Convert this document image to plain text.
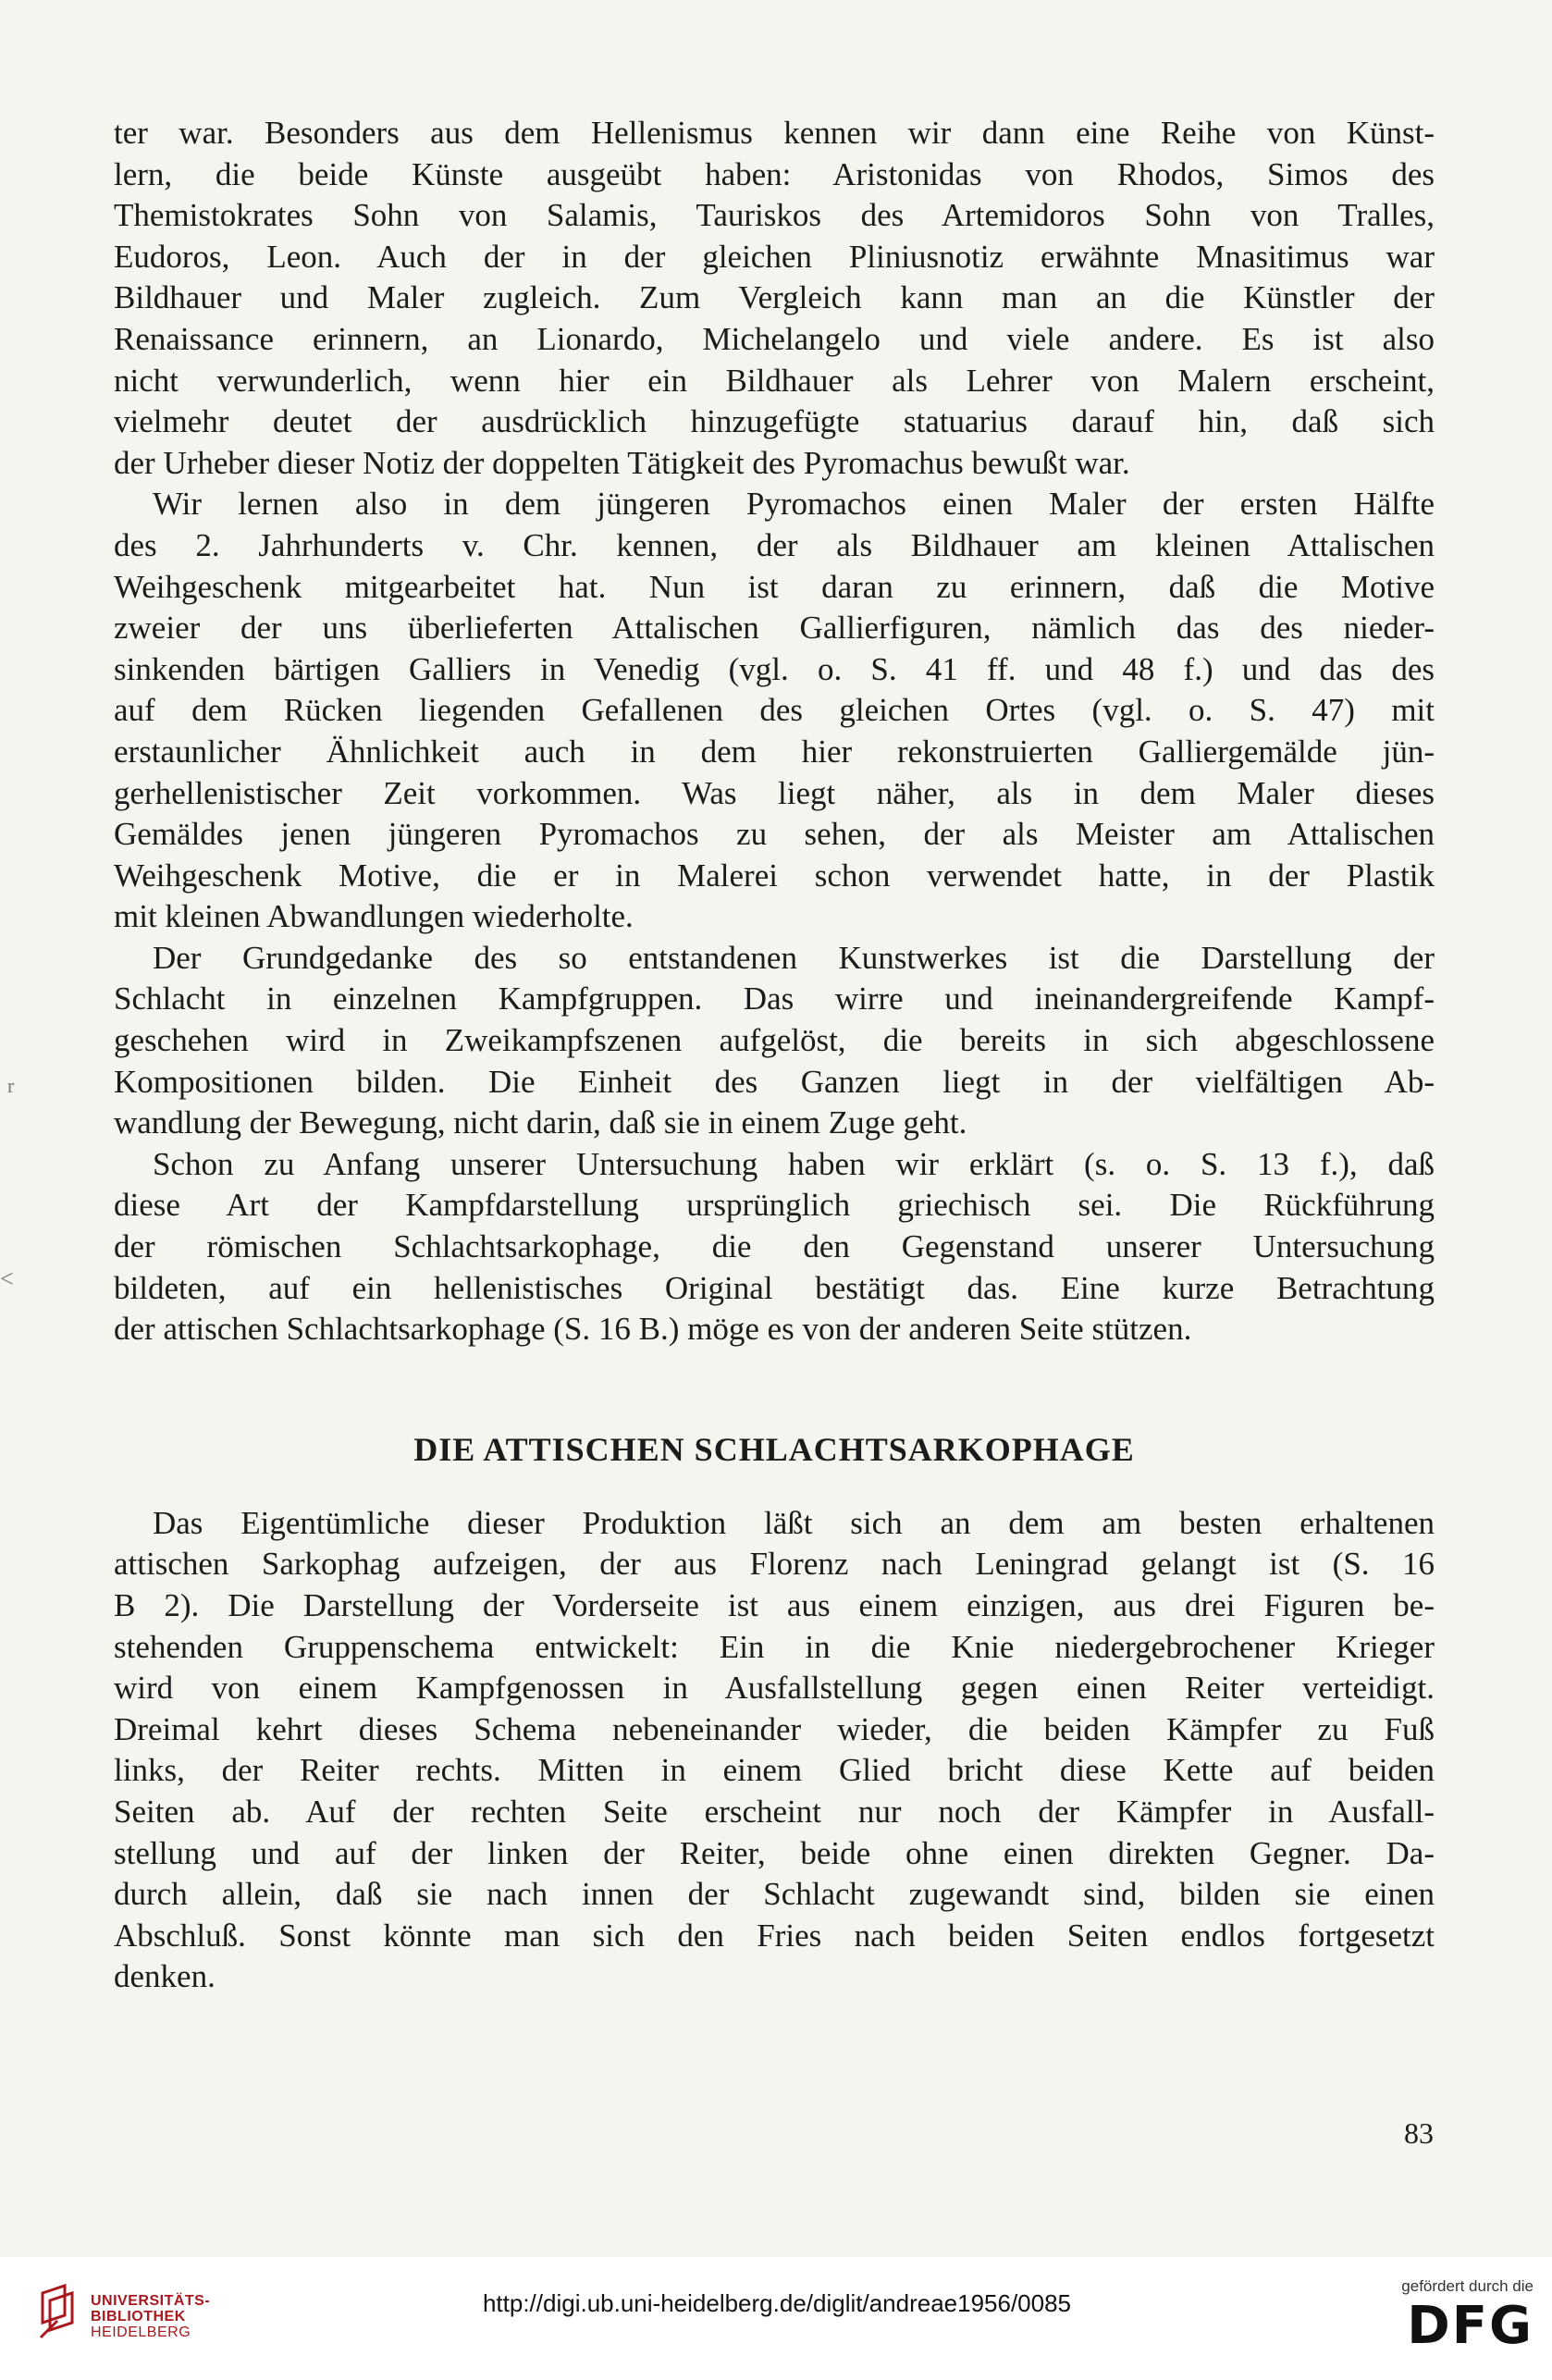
r
<

ter war. Besonders aus dem Hellenismus kennen wir dann eine Reihe von Künst-

lern, die beide Künste ausgeübt haben: Aristonidas von Rhodos, Simos des

Themistokrates Sohn von Salamis, Tauriskos des Artemidoros Sohn von Tralles,

Eudoros, Leon. Auch der in der gleichen Pliniusnotiz erwähnte Mnasitimus war

Bildhauer und Maler zugleich. Zum Vergleich kann man an die Künstler der

Renaissance erinnern, an Lionardo, Michelangelo und viele andere. Es ist also

nicht verwunderlich, wenn hier ein Bildhauer als Lehrer von Malern erscheint,

vielmehr deutet der ausdrücklich hinzugefügte statuarius darauf hin, daß sich

der Urheber dieser Notiz der doppelten Tätigkeit des Pyromachus bewußt war.

Wir lernen also in dem jüngeren Pyromachos einen Maler der ersten Hälfte

des 2. Jahrhunderts v. Chr. kennen, der als Bildhauer am kleinen Attalischen

Weihgeschenk mitgearbeitet hat. Nun ist daran zu erinnern, daß die Motive

zweier der uns überlieferten Attalischen Gallierfiguren, nämlich das des nieder-

sinkenden bärtigen Galliers in Venedig (vgl. o. S. 41 ff. und 48 f.) und das des

auf dem Rücken liegenden Gefallenen des gleichen Ortes (vgl. o. S. 47) mit

erstaunlicher Ähnlichkeit auch in dem hier rekonstruierten Galliergemälde jün-

gerhellenistischer Zeit vorkommen. Was liegt näher, als in dem Maler dieses

Gemäldes jenen jüngeren Pyromachos zu sehen, der als Meister am Attalischen

Weihgeschenk Motive, die er in Malerei schon verwendet hatte, in der Plastik

mit kleinen Abwandlungen wiederholte.

Der Grundgedanke des so entstandenen Kunstwerkes ist die Darstellung der

Schlacht in einzelnen Kampfgruppen. Das wirre und ineinandergreifende Kampf-

geschehen wird in Zweikampfszenen aufgelöst, die bereits in sich abgeschlossene

Kompositionen bilden. Die Einheit des Ganzen liegt in der vielfältigen Ab-

wandlung der Bewegung, nicht darin, daß sie in einem Zuge geht.

Schon zu Anfang unserer Untersuchung haben wir erklärt (s. o. S. 13 f.), daß

diese Art der Kampfdarstellung ursprünglich griechisch sei. Die Rückführung

der römischen Schlachtsarkophage, die den Gegenstand unserer Untersuchung

bildeten, auf ein hellenistisches Original bestätigt das. Eine kurze Betrachtung

der attischen Schlachtsarkophage (S. 16 B.) möge es von der anderen Seite stützen.

DIE ATTISCHEN SCHLACHTSARKOPHAGE

Das Eigentümliche dieser Produktion läßt sich an dem am besten erhaltenen

attischen Sarkophag aufzeigen, der aus Florenz nach Leningrad gelangt ist (S. 16

B 2). Die Darstellung der Vorderseite ist aus einem einzigen, aus drei Figuren be-

stehenden Gruppenschema entwickelt: Ein in die Knie niedergebrochener Krieger

wird von einem Kampfgenossen in Ausfallstellung gegen einen Reiter verteidigt.

Dreimal kehrt dieses Schema nebeneinander wieder, die beiden Kämpfer zu Fuß

links, der Reiter rechts. Mitten in einem Glied bricht diese Kette auf beiden

Seiten ab. Auf der rechten Seite erscheint nur noch der Kämpfer in Ausfall-

stellung und auf der linken der Reiter, beide ohne einen direkten Gegner. Da-

durch allein, daß sie nach innen der Schlacht zugewandt sind, bilden sie einen

Abschluß. Sonst könnte man sich den Fries nach beiden Seiten endlos fortgesetzt

denken.

83
UNIVERSITÄTS-
BIBLIOTHEK
HEIDELBERG
http://digi.ub.uni-heidelberg.de/diglit/andreae1956/0085
gefördert durch die
DFG
